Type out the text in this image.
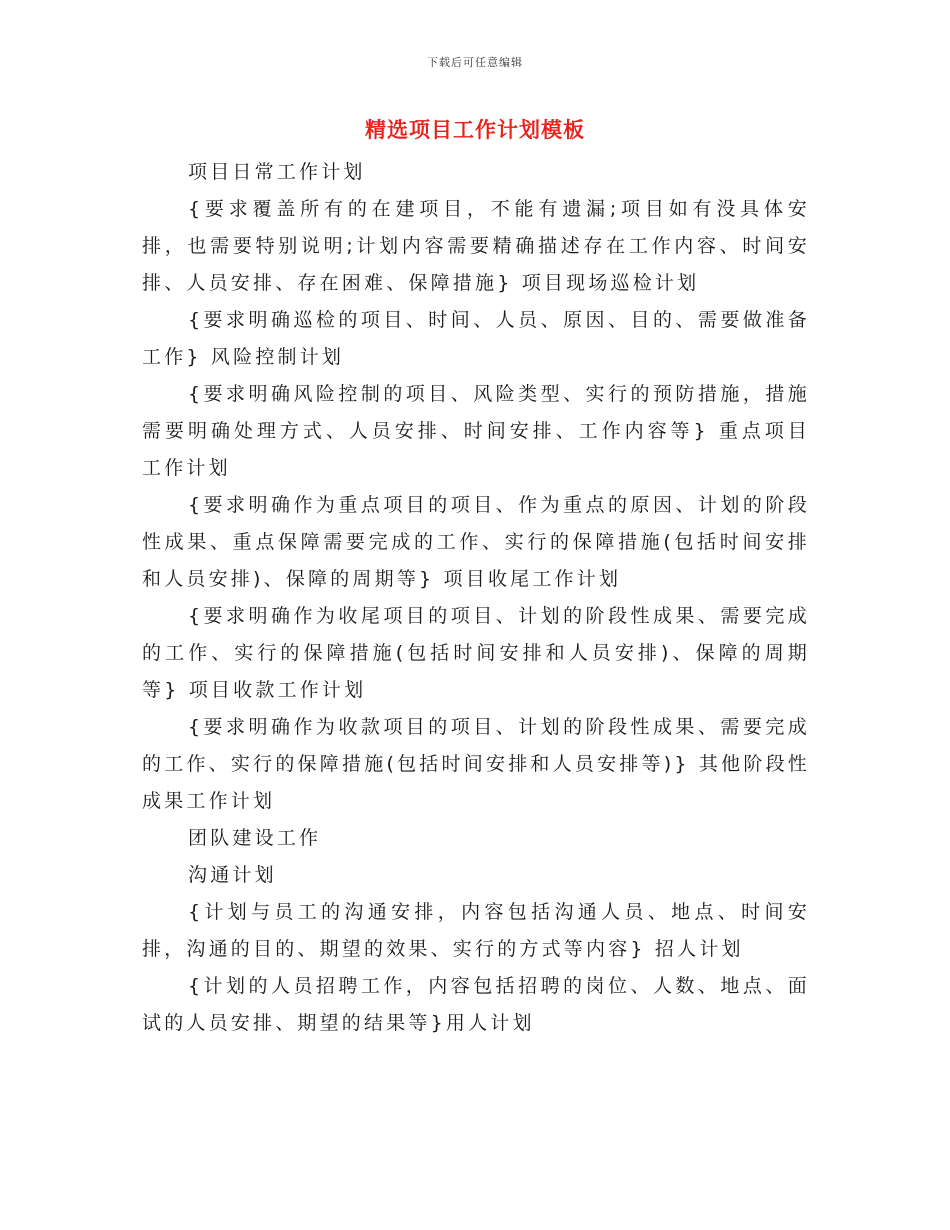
下载后可任意编辑
精选项目工作计划模板

项目日常工作计划

{要求覆盖所有的在建项目，不能有遗漏;项目如有没具体安排，也需要特别说明;计划内容需要精确描述存在工作内容、时间安排、人员安排、存在困难、保障措施} 项目现场巡检计划

{要求明确巡检的项目、时间、人员、原因、目的、需要做准备工作} 风险控制计划

{要求明确风险控制的项目、风险类型、实行的预防措施，措施需要明确处理方式、人员安排、时间安排、工作内容等} 重点项目工作计划

{要求明确作为重点项目的项目、作为重点的原因、计划的阶段性成果、重点保障需要完成的工作、实行的保障措施(包括时间安排和人员安排)、保障的周期等} 项目收尾工作计划

{要求明确作为收尾项目的项目、计划的阶段性成果、需要完成的工作、实行的保障措施(包括时间安排和人员安排)、保障的周期等} 项目收款工作计划

{要求明确作为收款项目的项目、计划的阶段性成果、需要完成的工作、实行的保障措施(包括时间安排和人员安排等)} 其他阶段性成果工作计划

团队建设工作

沟通计划

{计划与员工的沟通安排，内容包括沟通人员、地点、时间安排，沟通的目的、期望的效果、实行的方式等内容} 招人计划

{计划的人员招聘工作，内容包括招聘的岗位、人数、地点、面试的人员安排、期望的结果等}用人计划
